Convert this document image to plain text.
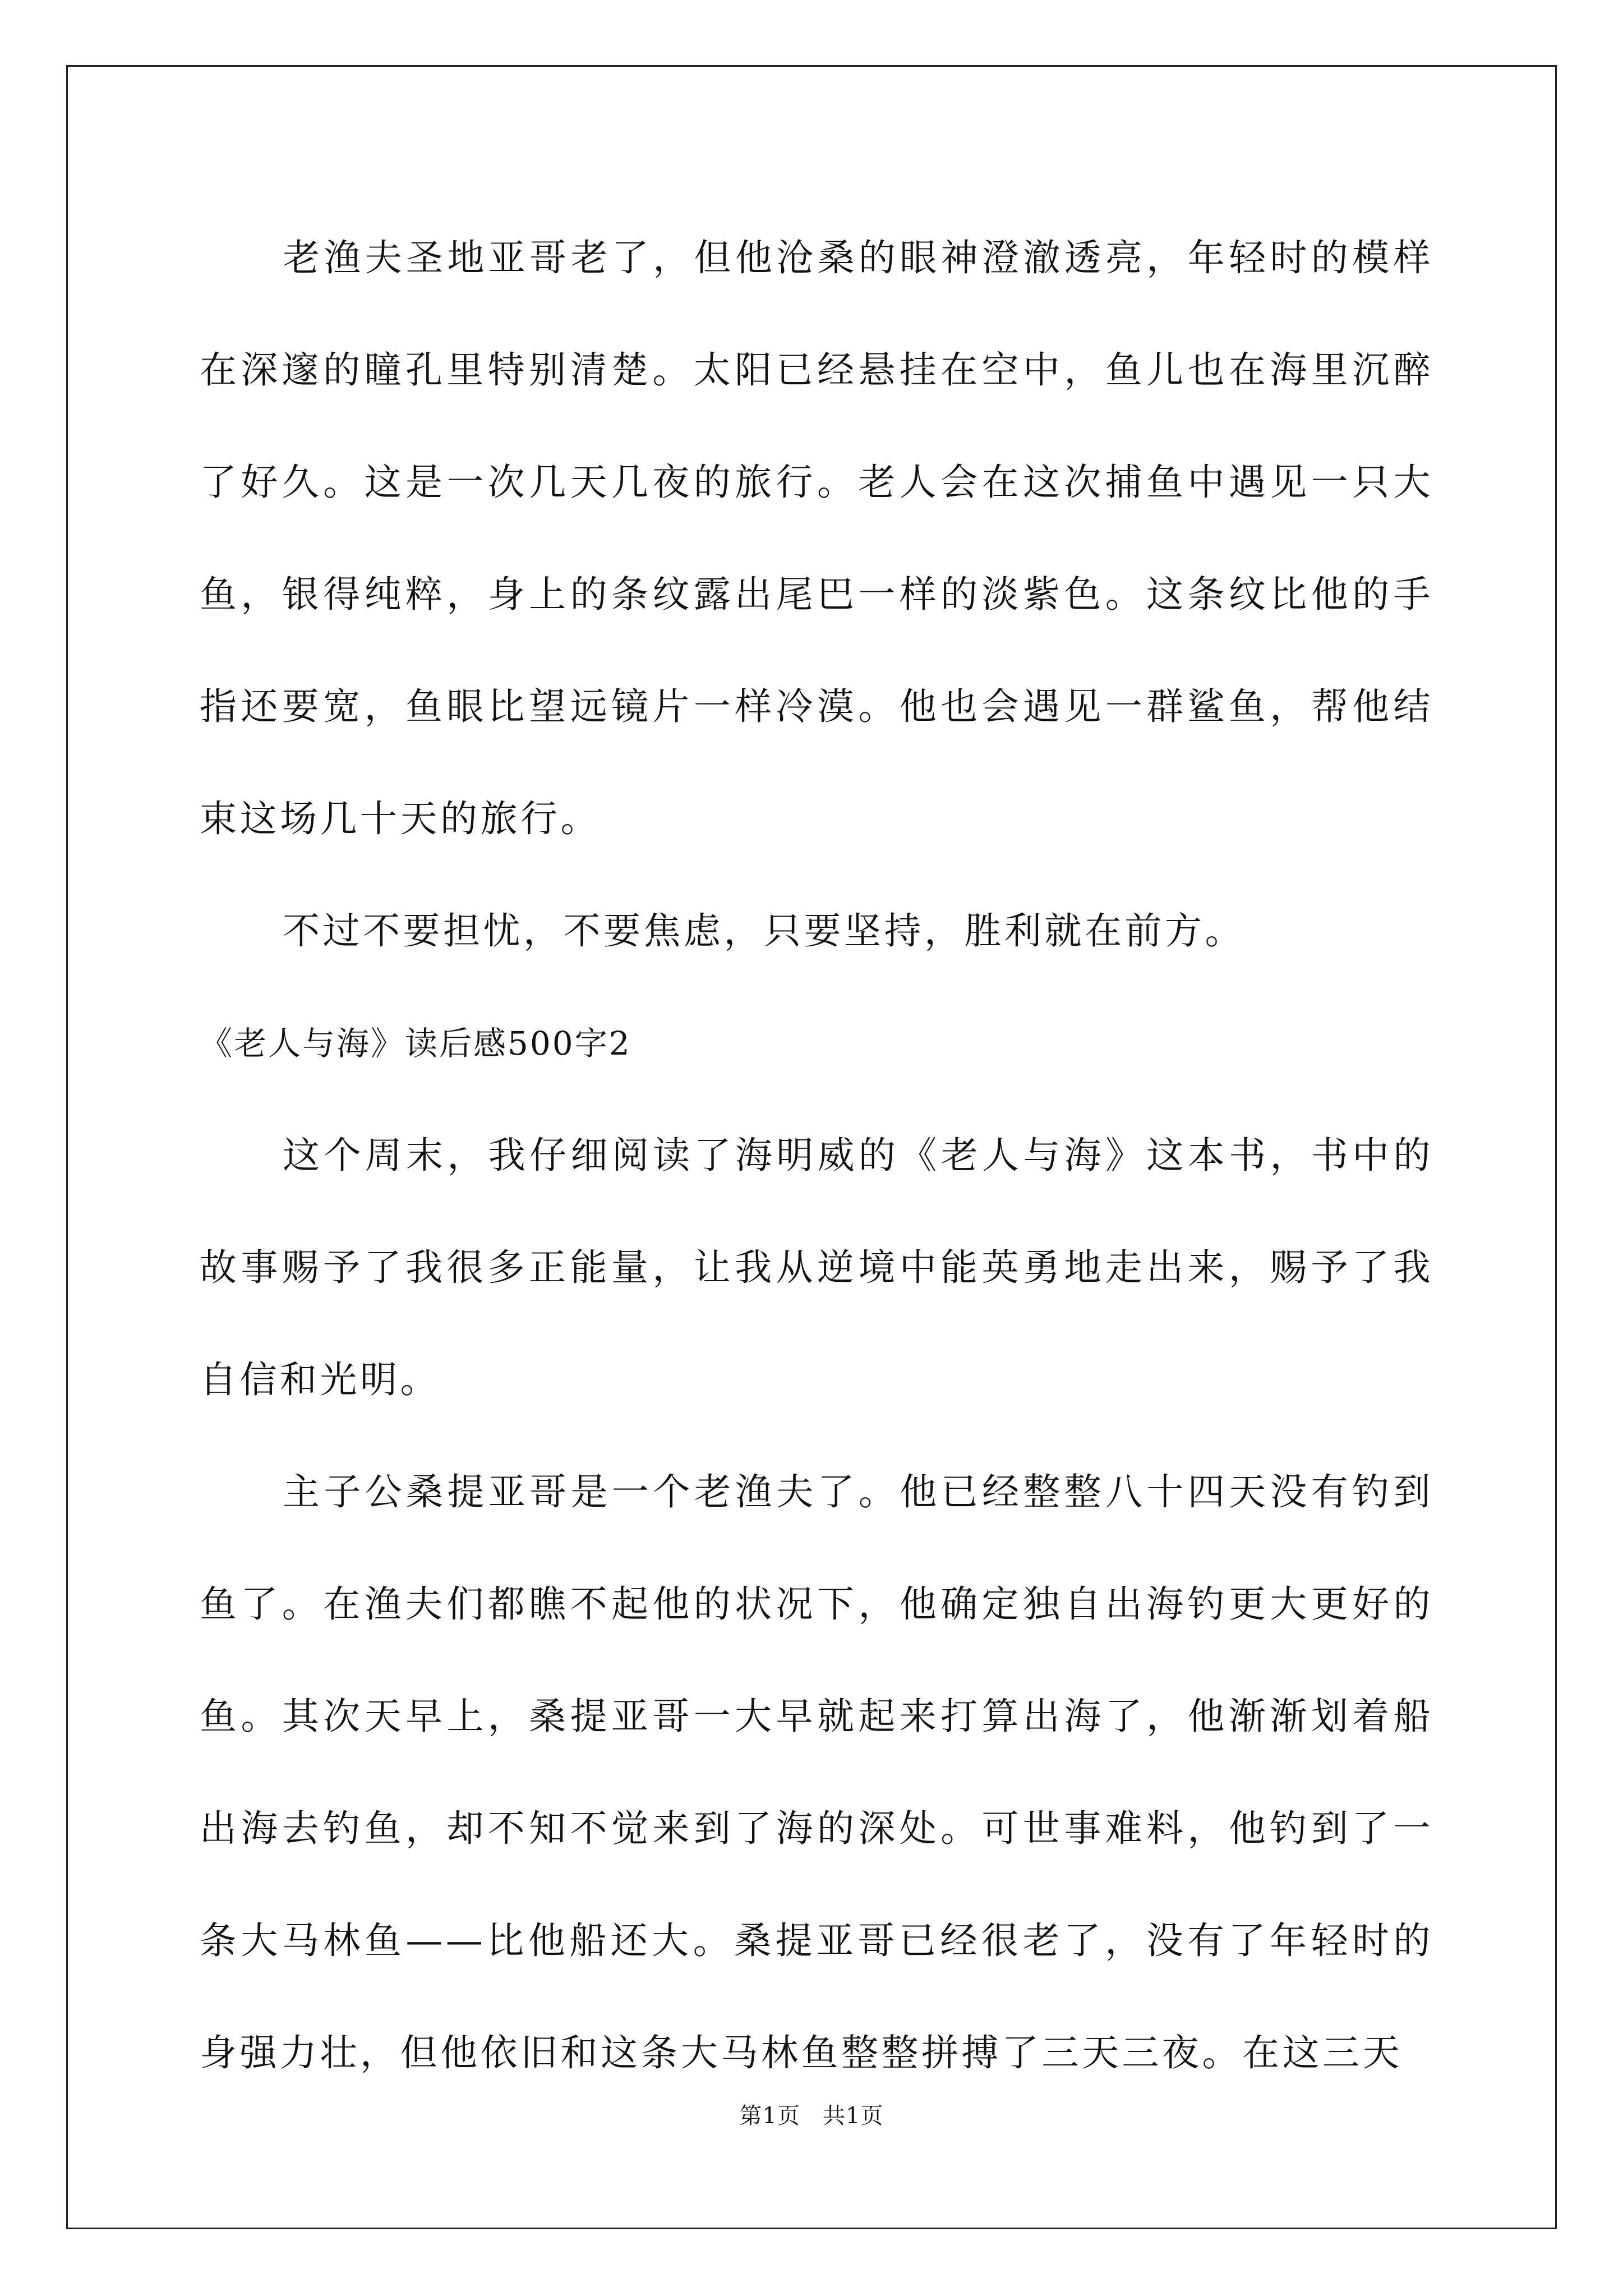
老渔夫圣地亚哥老了，但他沧桑的眼神澄澈透亮，年轻时的模样在深邃的瞳孔里特别清楚。太阳已经悬挂在空中，鱼儿也在海里沉醉了好久。这是一次几天几夜的旅行。老人会在这次捕鱼中遇见一只大鱼，银得纯粹，身上的条纹露出尾巴一样的淡紫色。这条纹比他的手指还要宽，鱼眼比望远镜片一样冷漠。他也会遇见一群鲨鱼，帮他结束这场几十天的旅行。

不过不要担忧，不要焦虑，只要坚持，胜利就在前方。

《老人与海》读后感500字2

这个周末，我仔细阅读了海明威的《老人与海》这本书，书中的故事赐予了我很多正能量，让我从逆境中能英勇地走出来，赐予了我自信和光明。

主子公桑提亚哥是一个老渔夫了。他已经整整八十四天没有钓到鱼了。在渔夫们都瞧不起他的状况下，他确定独自出海钓更大更好的鱼。其次天早上，桑提亚哥一大早就起来打算出海了，他渐渐划着船出海去钓鱼，却不知不觉来到了海的深处。可世事难料，他钓到了一条大马林鱼——比他船还大。桑提亚哥已经很老了，没有了年轻时的身强力壮，但他依旧和这条大马林鱼整整拼搏了三天三夜。在这三天

第1页 共1页
